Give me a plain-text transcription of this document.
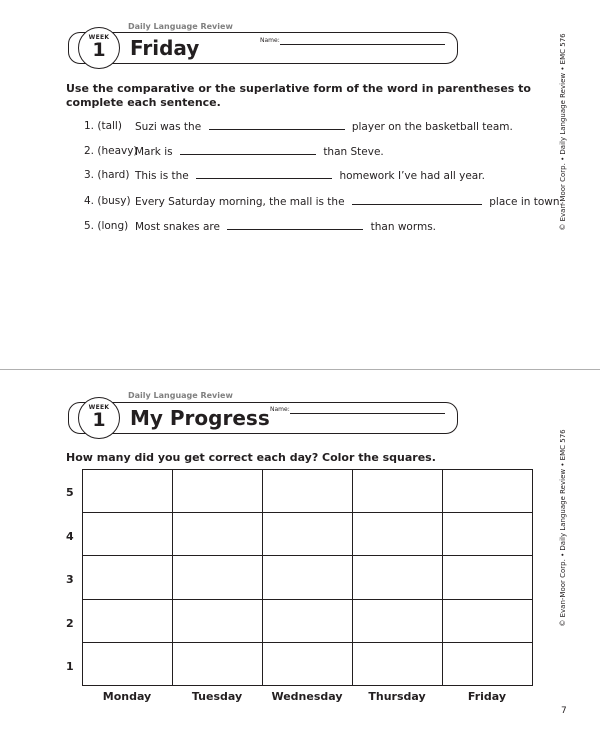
Daily Language Review
WEEK
1	Friday	Name:
Use the comparative or the superlative form of the word in parentheses to complete each sentence.
1. (tall) Suzi was the	player on the basketball team.
2. (heavy)
Mark is	than Steve.
3. (hard) This is the	homework I’ve had all year.
4. (busy) Every Saturday morning, the mall is the	place in town.
5. (long) Most snakes are	than worms.	© Evan-Moor Corp. • Daily Language Review • EMC 576
Daily Language Review
WEEK
1	My Progress Name:
How many did you get correct each day? Color the squares.	© Evan-Moor Corp. • Daily Language Review • EMC 576
5
4
3
2
1
Monday	Tuesday	Wednesday	Thursday	Friday
7
